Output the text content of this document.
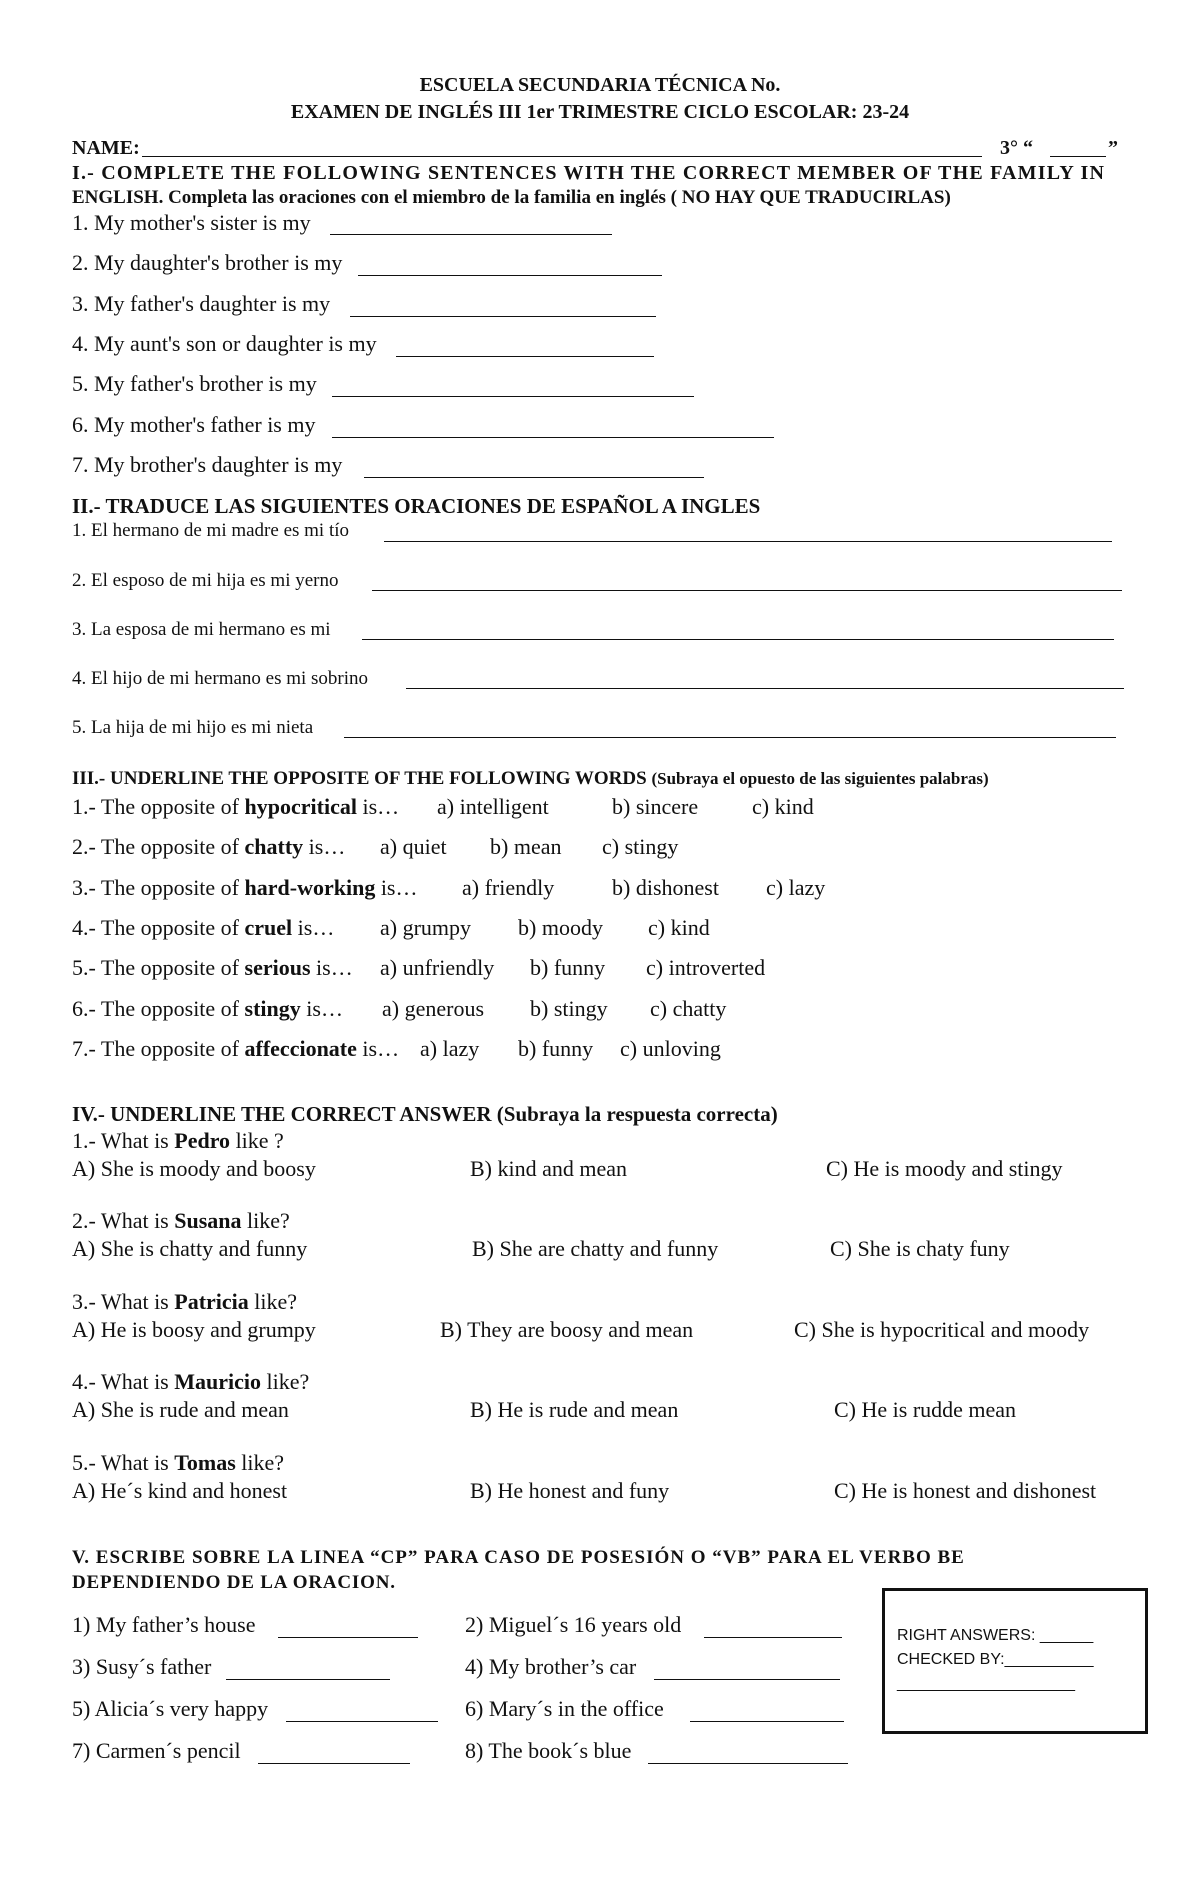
ESCUELA SECUNDARIA TÉCNICA No.
EXAMEN DE INGLÉS III 1er TRIMESTRE CICLO ESCOLAR: 23-24
NAME:	3° “	”
I.- COMPLETE THE FOLLOWING SENTENCES WITH THE CORRECT MEMBER OF THE FAMILY IN
ENGLISH. Completa las oraciones con el miembro de la familia en inglés ( NO HAY QUE TRADUCIRLAS)
1. My mother's sister is my
2. My daughter's brother is my
3. My father's daughter is my
4. My aunt's son or daughter is my
5. My father's brother is my
6. My mother's father is my
7. My brother's daughter is my
II.- TRADUCE LAS SIGUIENTES ORACIONES DE ESPAÑOL A INGLES
1. El hermano de mi madre es mi tío
2. El esposo de mi hija es mi yerno
3. La esposa de mi hermano es mi
4. El hijo de mi hermano es mi sobrino
5. La hija de mi hijo es mi nieta
III.- UNDERLINE THE OPPOSITE OF THE FOLLOWING WORDS (Subraya el opuesto de las siguientes palabras)
1.- The opposite of hypocritical is… a) intelligent	b) sincere c) kind
2.- The opposite of chatty is… a) quiet b) mean c) stingy
3.- The opposite of hard-working is… a) friendly	b) dishonest c) lazy
4.- The opposite of cruel is… a) grumpy b) moody c) kind
5.- The opposite of serious is… a) unfriendly b) funny c) introverted
6.- The opposite of stingy is… a) generous b) stingy c) chatty
7.- The opposite of affeccionate is… a) lazy b) funny c) unloving
IV.- UNDERLINE THE CORRECT ANSWER (Subraya la respuesta correcta)
1.- What is Pedro like ?
A) She is moody and boosy	B) kind and mean	C) He is moody and stingy
2.- What is Susana like?
A) She is chatty and funny	B) She are chatty and funny	C) She is chaty funy
3.- What is Patricia like?
A) He is boosy and grumpy	B) They are boosy and mean	C) She is hypocritical and moody
4.- What is Mauricio like?
A) She is rude and mean	B) He is rude and mean	C) He is rudde mean
5.- What is Tomas like?
A) He´s kind and honest	B) He honest and funy	C) He is honest and dishonest
V. ESCRIBE SOBRE LA LINEA “CP” PARA CASO DE POSESIÓN O “VB” PARA EL VERBO BE
DEPENDIENDO DE LA ORACION.
1) My father’s house	2) Miguel´s 16 years old
3) Susy´s father	4) My brother’s car
5) Alicia´s very happy	6) Mary´s in the office
7) Carmen´s pencil	8) The book´s blue
RIGHT ANSWERS: ______
CHECKED BY:__________
____________________
